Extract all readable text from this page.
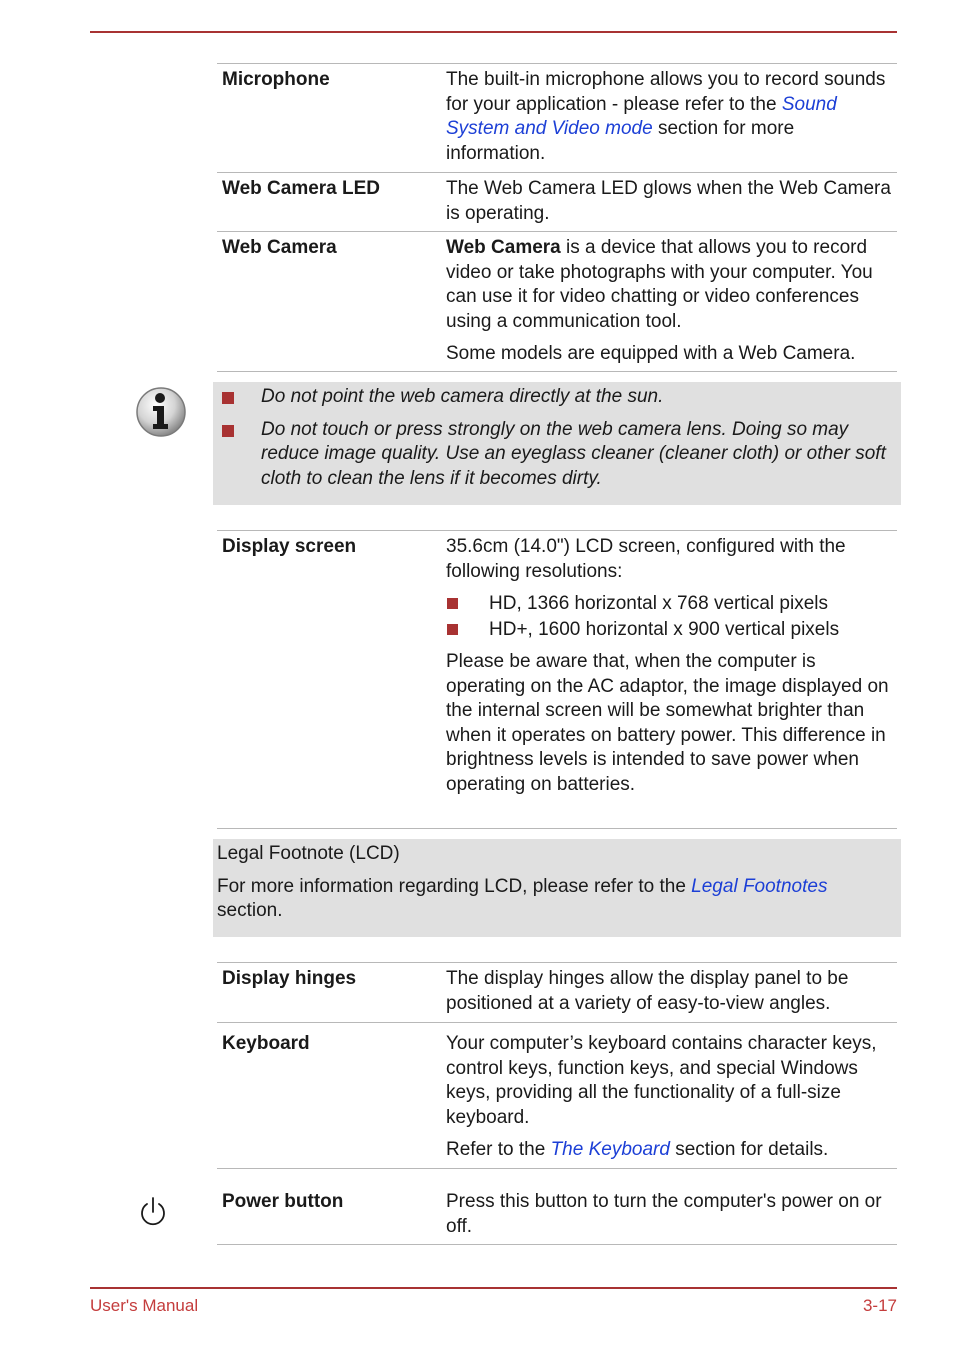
Microphone	The built-in microphone allows you to record sounds for your application - please refer to the Sound System and Video mode section for more information.
Web Camera LED	The Web Camera LED glows when the Web Camera is operating.
Web Camera	Web Camera is a device that allows you to record video or take photographs with your computer. You can use it for video chatting or video conferences using a communication tool.

Some models are equipped with a Web Camera.

Do not point the web camera directly at the sun.
Do not touch or press strongly on the web camera lens. Doing so may reduce image quality. Use an eyeglass cleaner (cleaner cloth) or other soft cloth to clean the lens if it becomes dirty.
Display screen	35.6cm (14.0") LCD screen, configured with the following resolutions:

HD, 1366 horizontal x 768 vertical pixels
HD+, 1600 horizontal x 900 vertical pixels

Please be aware that, when the computer is operating on the AC adaptor, the image displayed on the internal screen will be somewhat brighter than when it operates on battery power. This difference in brightness levels is intended to save power when operating on batteries.

Legal Footnote (LCD)

For more information regarding LCD, please refer to the Legal Footnotes section.

Display hinges	The display hinges allow the display panel to be positioned at a variety of easy-to-view angles.
Keyboard	Your computer’s keyboard contains character keys, control keys, function keys, and special Windows keys, providing all the functionality of a full-size keyboard.

Refer to the The Keyboard section for details.

Power button	Press this button to turn the computer's power on or off.
User's Manual	3-17
